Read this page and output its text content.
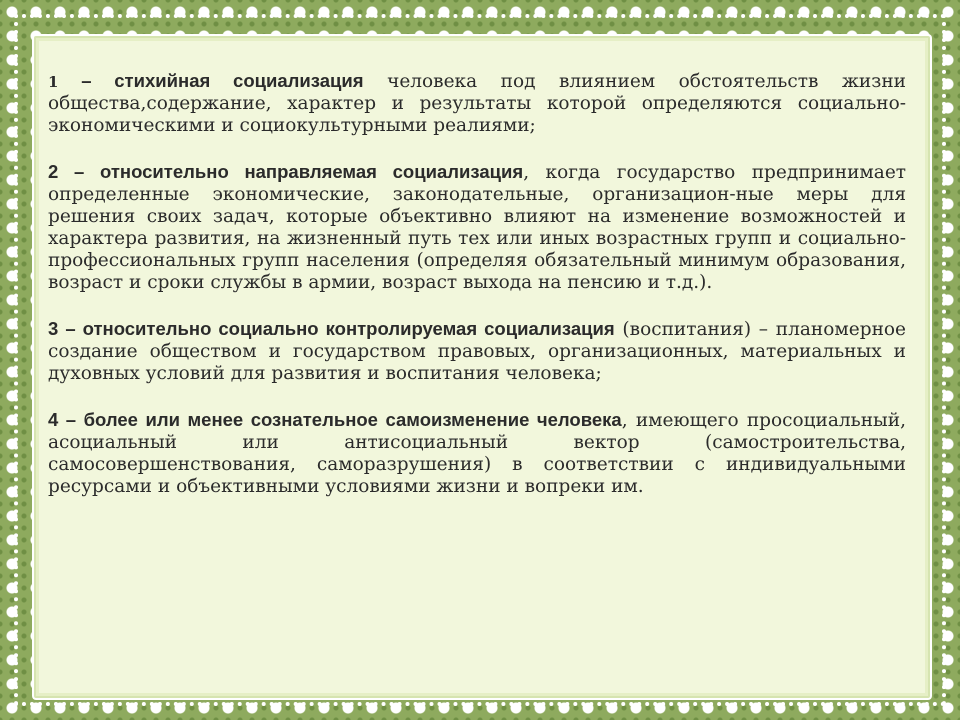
1 – стихийная социализация человека под влиянием обстоятельств жизни общества,содержание, характер и результаты которой определяются социально-экономическими и социокультурными реалиями;

2 – относительно направляемая социализация, когда государство предпринимает определенные экономические, законодательные, организацион-ные меры для решения своих задач, которые объективно влияют на изменение возможностей и характера развития, на жизненный путь тех или иных возрастных групп и социально-профессиональных групп населения (определяя обязательный минимум образования, возраст и сроки службы в армии, возраст выхода на пенсию и т.д.).

3 – относительно социально контролируемая социализация (воспитания) – планомерное создание обществом и государством правовых, организационных, материальных и духовных условий для развития и воспитания человека;

4 – более или менее сознательное самоизменение человека, имеющего просоциальный, асоциальный или антисоциальный вектор (самостроительства, самосовершенствования, саморазрушения) в соответствии с индивидуальными ресурсами и объективными условиями жизни и вопреки им.
